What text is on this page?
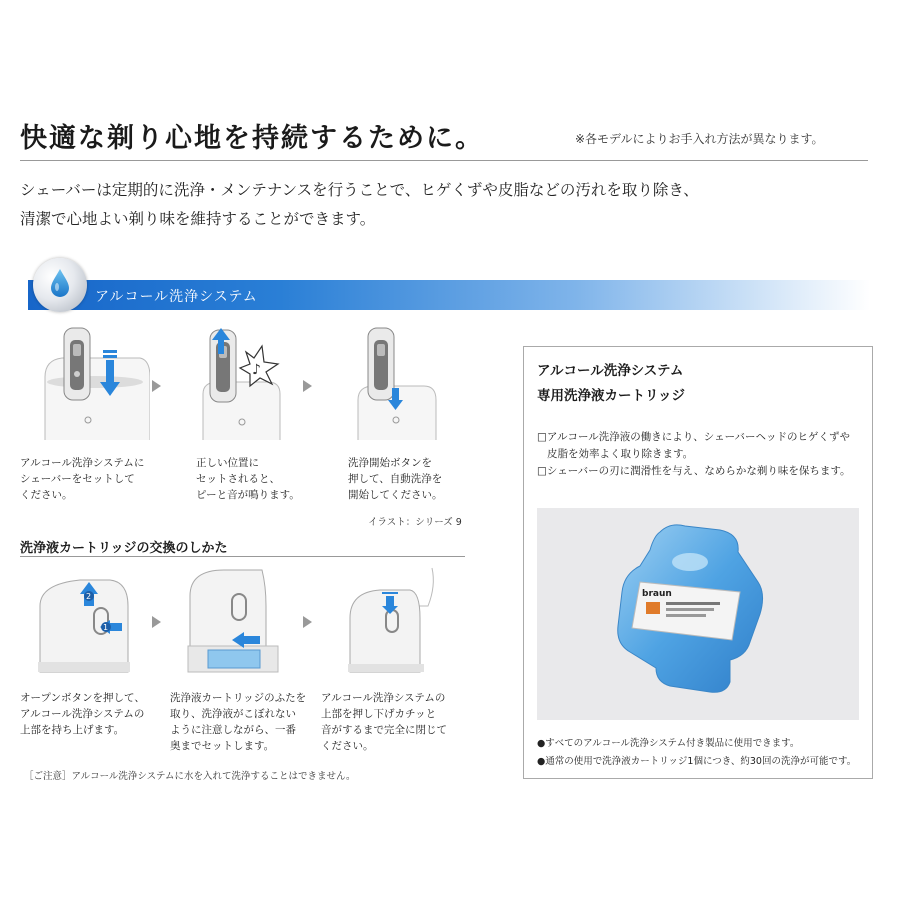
快適な剃り心地を持続するために。	※各モデルによりお手入れ方法が異なります。
シェーバーは定期的に洗浄・メンテナンスを行うことで、ヒゲくずや皮脂などの汚れを取り除き、
清潔で心地よい剃り味を維持することができます。
アルコール洗浄システム
♪
アルコール洗浄システムに
シェーバーをセットして
ください。
正しい位置に
セットされると、
ピーと音が鳴ります。
洗浄開始ボタンを
押して、自動洗浄を
開始してください。
イラスト：シリーズ 9
洗浄液カートリッジの交換のしかた
2
1
オープンボタンを押して、
アルコール洗浄システムの
上部を持ち上げます。
洗浄液カートリッジのふたを
取り、洗浄液がこぼれない
ように注意しながら、一番
奥までセットします。
アルコール洗浄システムの
上部を押し下げカチッと
音がするまで完全に閉じて
ください。
［ご注意］アルコール洗浄システムに水を入れて洗浄することはできません。
アルコール洗浄システム
専用洗浄液カートリッジ
□アルコール洗浄液の働きにより、シェーバーヘッドのヒゲくずや
皮脂を効率よく取り除きます。
□シェーバーの刃に潤滑性を与え、なめらかな剃り味を保ちます。
braun
●すべてのアルコール洗浄システム付き製品に使用できます。
●通常の使用で洗浄液カートリッジ1個につき、約30回の洗浄が可能です。
